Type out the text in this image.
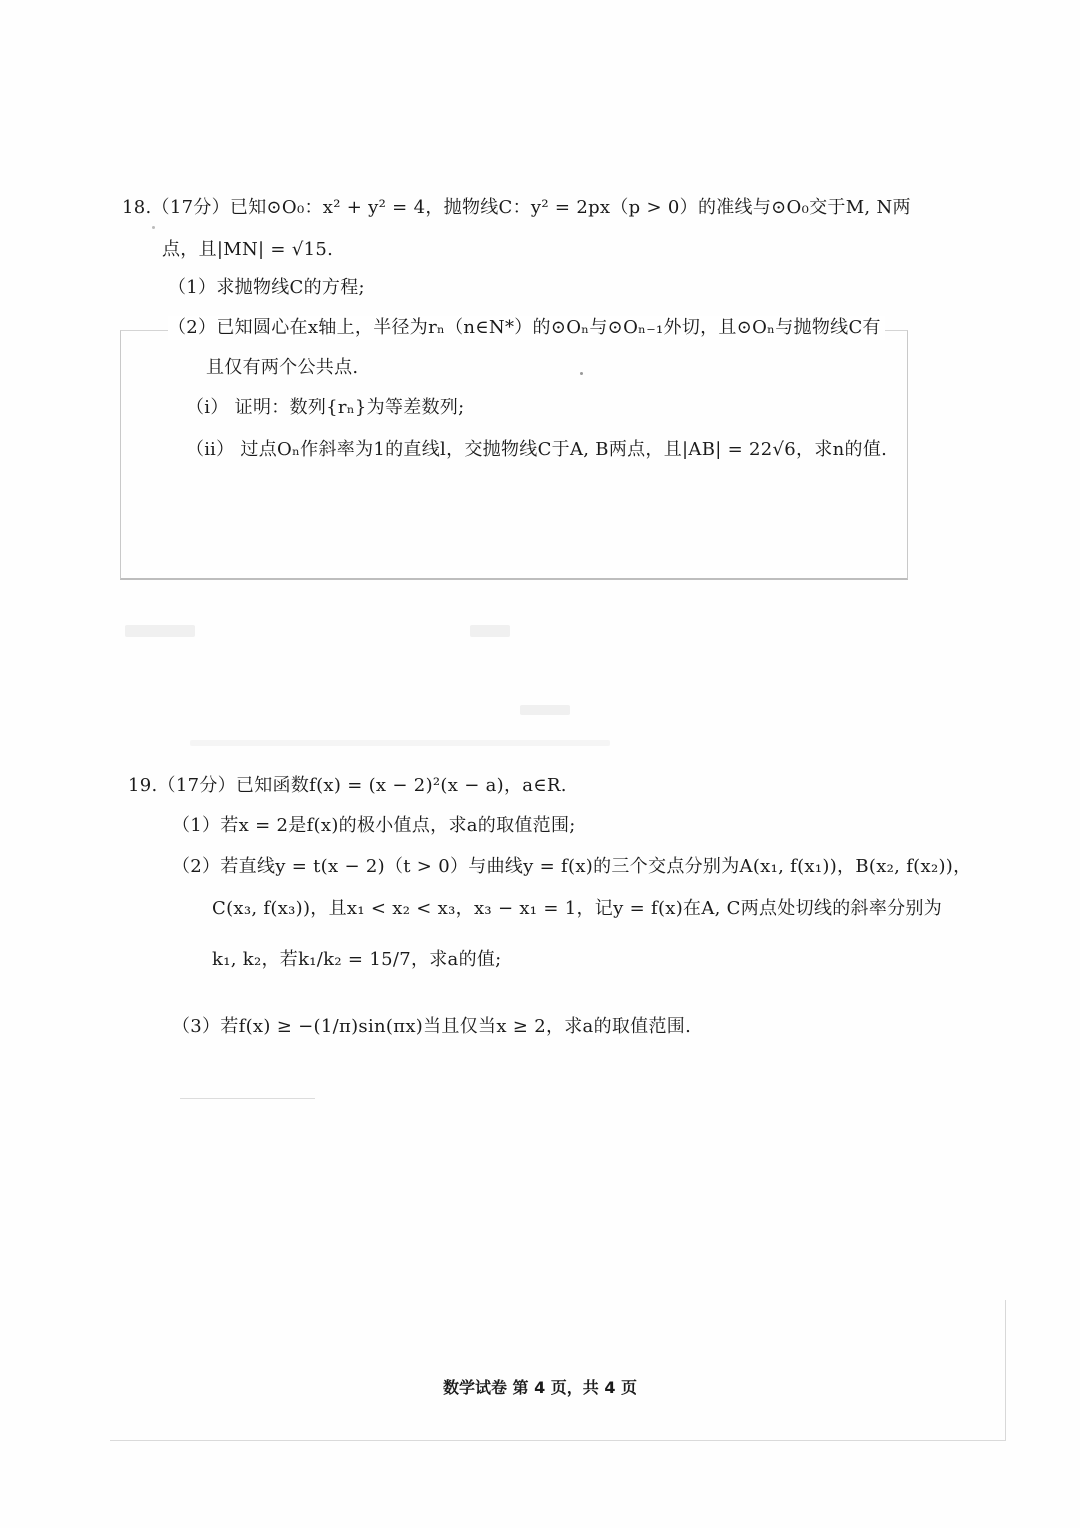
18.（17分）已知⊙O₀：x² + y² = 4，抛物线C：y² = 2px（p > 0）的准线与⊙O₀交于M, N两
点，且|MN| = √15.
（1）求抛物线C的方程;
（2）已知圆心在x轴上，半径为rₙ（n∈N*）的⊙Oₙ与⊙Oₙ₋₁外切，且⊙Oₙ与抛物线C有
且仅有两个公共点.
（ⅰ） 证明：数列{rₙ}为等差数列;
（ⅱ） 过点Oₙ作斜率为1的直线l，交抛物线C于A, B两点，且|AB| = 22√6，求n的值.
19.（17分）已知函数f(x) = (x − 2)²(x − a)，a∈R.
（1）若x = 2是f(x)的极小值点，求a的取值范围;
（2）若直线y = t(x − 2)（t > 0）与曲线y = f(x)的三个交点分别为A(x₁, f(x₁))，B(x₂, f(x₂))，
C(x₃, f(x₃))，且x₁ < x₂ < x₃，x₃ − x₁ = 1，记y = f(x)在A, C两点处切线的斜率分别为
k₁, k₂，若k₁/k₂ = 15/7，求a的值;
（3）若f(x) ≥ −(1/π)sin(πx)当且仅当x ≥ 2，求a的取值范围.
数学试卷 第 4 页，共 4 页
